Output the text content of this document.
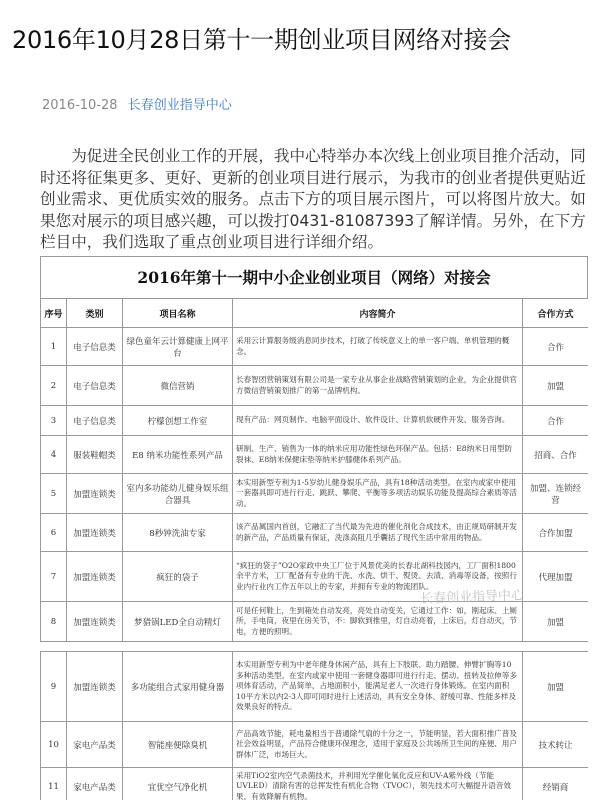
2016年10月28日第十一期创业项目网络对接会
2016-10-28 长春创业指导中心

为促进全民创业工作的开展，我中心特举办本次线上创业项目推介活动，同时还将征集更多、更好、更新的创业项目进行展示，为我市的创业者提供更贴近创业需求、更优质实效的服务。点击下方的项目展示图片，可以将图片放大。如果您对展示的项目感兴趣，可以拨打0431-81087393了解详情。另外，在下方栏目中，我们选取了重点创业项目进行详细介绍。

2016年第十一期中小企业创业项目（网络）对接会
序号	类别	项目名称	内容简介	合作方式
1	电子信息类	绿色童年云计算健康上网平台	采用云计算服务级消息同步技术，打破了传统意义上的单一客户端、单机管理的概念。	合作
2	电子信息类	微信营销	长春智团营销策划有限公司是一家专业从事企业战略营销策划的企业，为企业提供官方微信营销策划推广的第一品牌机构。	加盟
3	电子信息类	柠檬创想工作室	现有产品：网页制作、电脑平面设计、软件设计、计算机软硬件开发、服务咨询。	合作
4	服装鞋帽类	E8 纳米功能性系列产品	研制、生产、销售为一体的纳米应用功能性绿色环保产品。包括：E8纳米日用型防裂袜、E8纳米保健床垫等纳米护膝健体系列产品。	招商、合作
5	加盟连锁类	室内多功能幼儿健身娱乐组合器具	本实用新型专利为1-5岁幼儿健身娱乐产品，具有18种活动类型。在室内或家中使用一套器具即可进行行走、跳跃、攀爬、平衡等多项活动娱乐功能及提高综合素质等活动。	加盟、连锁经营
6	加盟连锁类	8秒钟洗油专家	该产品属国内首创，它融汇了当代最为先进的催化剂化合成技术，由正规局研制开发的新产品，产品质量有保证，洗涤高阻几乎囊括了现代生活中常用的物品。	合作加盟
7	加盟连锁类	疯狂的袋子	“疯狂的袋子”O2O家政中央工厂位于风景优美的长春北湖科技园内，工厂面积1800余平方米，工厂配备有专业的干洗、水洗、烘干、熨烫、去渍、消毒等设备，按照行业内行业内工作五年以上的专家，并拥有专业的物流团队。	代理加盟
8	加盟连锁类	梦猎锅LED全自动精灯	可是任何鞋上，生到箱处自动发亮，亮处自动变关，它通过工作：如，刚起床、上厕所，手电筒，夜里在房关节，不：脚软到推里，灯自动亮着，上床后，灯自动灭，节电，方便的照明。	加盟

9	加盟连锁类	多功能组合式家用健身器	本实用新型专利为中老年健身休闲产品，具有上下肢联、助力踏腰、伸臂扩胸等10多种活动类型。在室内或家中使用一套健身器即可进行行走、摆动、扭转及拉伸等多项体育活动，产品简单，占地面积小，能满足老人一次进行身体锻炼。在室内面积10平方米以内2-3人即可同时进行上述活动，具有安全身体、舒缓可靠、性能多样及效果良好的特点。	加盟
10	家电产品类	智能座便除臭机	产品高效节能，耗电量相当于普通除气扇的十分之一，节能明显，若大面积推广普及社会效益明显，产品符合健康环保理念，适用于家庭及公共场所卫生间的座便、用户群体广泛，市场巨大。	技术转让
11	家电产品类	宜优空气净化机	采用TiO2室内空气杀菌技术，并利用光学催化氧化反应和UV-A紫外线（节能UVLED）清除有害的总挥发性有机化合物（TVOC），领先技术可大幅提升语音效果，有效降解有机物。	经销商
长春创业指导中心
